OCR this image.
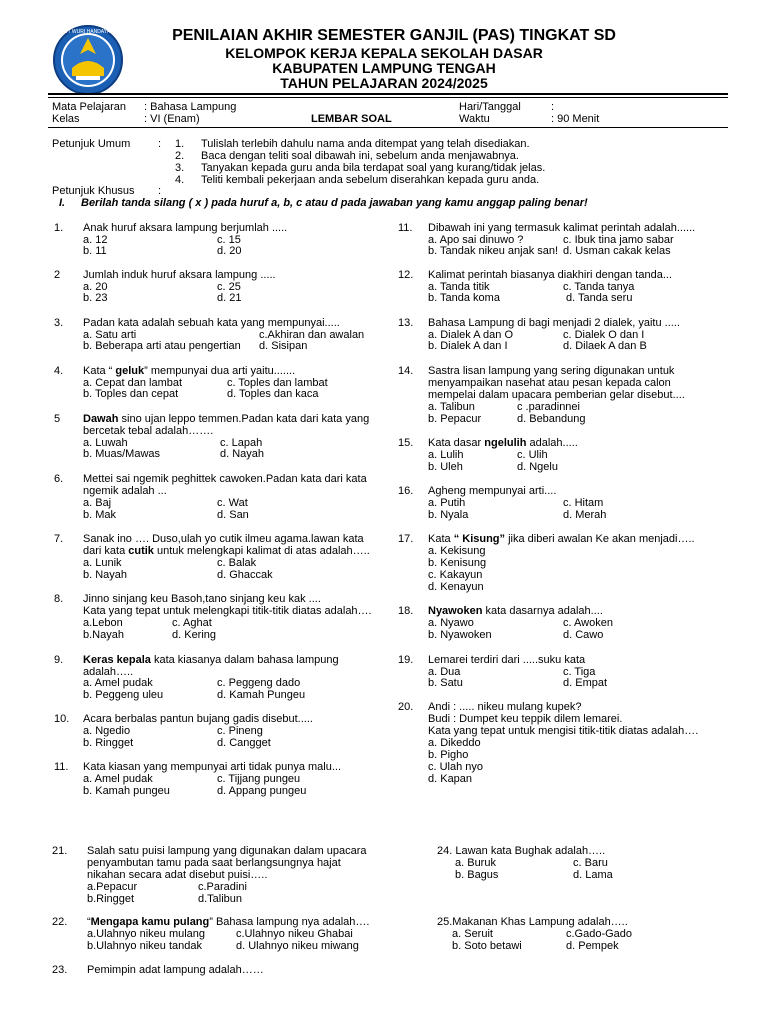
TUT WURI HANDAYANI	PENILAIAN AKHIR SEMESTER GANJIL (PAS) TINGKAT SD
KELOMPOK KERJA KEPALA SEKOLAH DASAR
KABUPATEN LAMPUNG TENGAH
TAHUN PELAJARAN 2024/2025
Mata Pelajaran : Bahasa Lampung
Kelas	: VI (Enam)	LEMBAR SOAL
Hari/Tanggal	:
Waktu	: 90 Menit
Petunjuk Umum	: 1. Tulislah terlebih dahulu nama anda ditempat yang telah disediakan.
2. Baca dengan teliti soal dibawah ini, sebelum anda menjawabnya.
3. Tanyakan kepada guru anda bila terdapat soal yang kurang/tidak jelas.
4. Teliti kembali pekerjaan anda sebelum diserahkan kepada guru anda.
Petunjuk Khusus :
I. Berilah tanda silang ( x ) pada huruf a, b, c atau d pada jawaban yang kamu anggap paling benar!
1. Anak huruf aksara lampung berjumlah .....
a. 12	c. 15
b. 11	d. 20
2 Jumlah induk huruf aksara lampung .....
a. 20	c. 25
b. 23	d. 21
3. Padan kata adalah sebuah kata yang mempunyai.....
a. Satu arti	c.Akhiran dan awalan
b. Beberapa arti atau pengertian d. Sisipan
4. Kata “ geluk” mempunyai dua arti yaitu.......
a. Cepat dan lambat	c. Toples dan lambat
b. Toples dan cepat	d. Toples dan kaca
5 Dawah sino ujan leppo temmen.Padan kata dari kata yang
bercetak tebal adalah…….
a. Luwah	c. Lapah
b. Muas/Mawas	d. Nayah
6. Mettei sai ngemik peghittek cawoken.Padan kata dari kata
ngemik adalah ...
a. Baj	c. Wat
b. Mak	d. San
7. Sanak ino …. Duso,ulah yo cutik ilmeu agama.lawan kata
dari kata cutik untuk melengkapi kalimat di atas adalah…..
a. Lunik	c. Balak
b. Nayah	d. Ghaccak
8. Jinno sinjang keu Basoh,tano sinjang keu kak ....
Kata yang tepat untuk melengkapi titik-titik diatas adalah….
a.Lebon	c. Aghat
b.Nayah	d. Kering
9. Keras kepala kata kiasanya dalam bahasa lampung
adalah…..
a. Amel pudak	c. Peggeng dado
b. Peggeng uleu	d. Kamah Pungeu
10. Acara berbalas pantun bujang gadis disebut.....
a. Ngedio	c. Pineng
b. Ringget	d. Cangget
11. Kata kiasan yang mempunyai arti tidak punya malu...
a. Amel pudak	c. Tijjang pungeu
b. Kamah pungeu	d. Appang pungeu
11. Dibawah ini yang termasuk kalimat perintah adalah......
a. Apo sai dinuwo ?	c. Ibuk tina jamo sabar
b. Tandak nikeu anjak san! d. Usman cakak kelas
12. Kalimat perintah biasanya diakhiri dengan tanda...
a. Tanda titik	c. Tanda tanya
b. Tanda koma	d. Tanda seru
13. Bahasa Lampung di bagi menjadi 2 dialek, yaitu .....
a. Dialek A dan O	c. Dialek O dan I
b. Dialek A dan I	d. Dilaek A dan B
14. Sastra lisan lampung yang sering digunakan untuk
menyampaikan nasehat atau pesan kepada calon
mempelai dalam upacara pemberian gelar disebut....
a. Talibun	c .paradinnei
b. Pepacur	d. Bebandung
15. Kata dasar ngelulih adalah.....
a. Lulih	c. Ulih
b. Uleh	d. Ngelu
16. Agheng mempunyai arti....
a. Putih	c. Hitam
b. Nyala	d. Merah
17. Kata “ Kisung” jika diberi awalan Ke akan menjadi…..
a. Kekisung
b. Kenisung
c. Kakayun
d. Kenayun
18. Nyawoken kata dasarnya adalah....
a. Nyawo	c. Awoken
b. Nyawoken	d. Cawo
19. Lemarei terdiri dari .....suku kata
a. Dua	c. Tiga
b. Satu	d. Empat
20. Andi : ..... nikeu mulang kupek?
Budi : Dumpet keu teppik dilem lemarei.
Kata yang tepat untuk mengisi titik-titik diatas adalah….
a. Dikeddo
b. Pigho
c. Ulah nyo
d. Kapan
21. Salah satu puisi lampung yang digunakan dalam upacara
penyambutan tamu pada saat berlangsungnya hajat
nikahan secara adat disebut puisi…..
a.Pepacur	c.Paradini
b.Ringget	d.Talibun
22. “Mengapa kamu pulang” Bahasa lampung nya adalah….
a.Ulahnyo nikeu mulang	c.Ulahnyo nikeu Ghabai
b.Ulahnyo nikeu tandak	d. Ulahnyo nikeu miwang
23. Pemimpin adat lampung adalah……
24. Lawan kata Bughak adalah…..
a. Buruk	c. Baru
b. Bagus	d. Lama
25.Makanan Khas Lampung adalah…..
a. Seruit	c.Gado-Gado
b. Soto betawi	d. Pempek
